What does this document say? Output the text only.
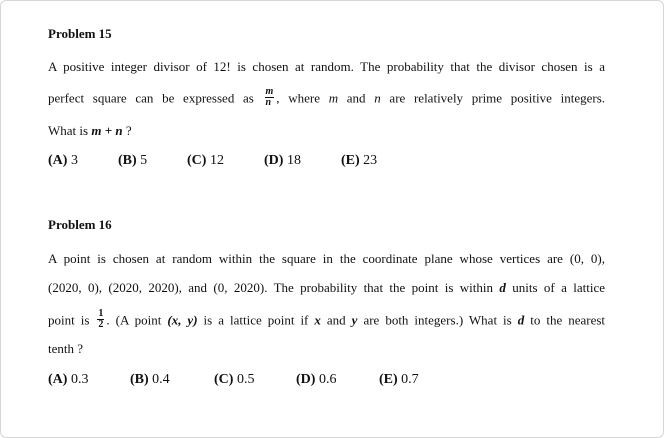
Problem 15
A positive integer divisor of 12! is chosen at random. The probability that the divisor chosen is a
perfect square can be expressed as $\frac{m}{n}$ , where m and n are relatively prime positive integers.
What is m + n ?
(A) 3	(B) 5	(C) 12	(D) 18	(E) 23
Problem 16
A point is chosen at random within the square in the coordinate plane whose vertices are (0, 0),
(2020, 0), (2020, 2020), and (0, 2020). The probability that the point is within d units of a lattice
point is $\frac{1}{2}$ . (A point (x, y) is a lattice point if x and y are both integers.) What is d to the nearest
tenth ?
(A) 0.3	(B) 0.4	(C) 0.5	(D) 0.6	(E) 0.7
